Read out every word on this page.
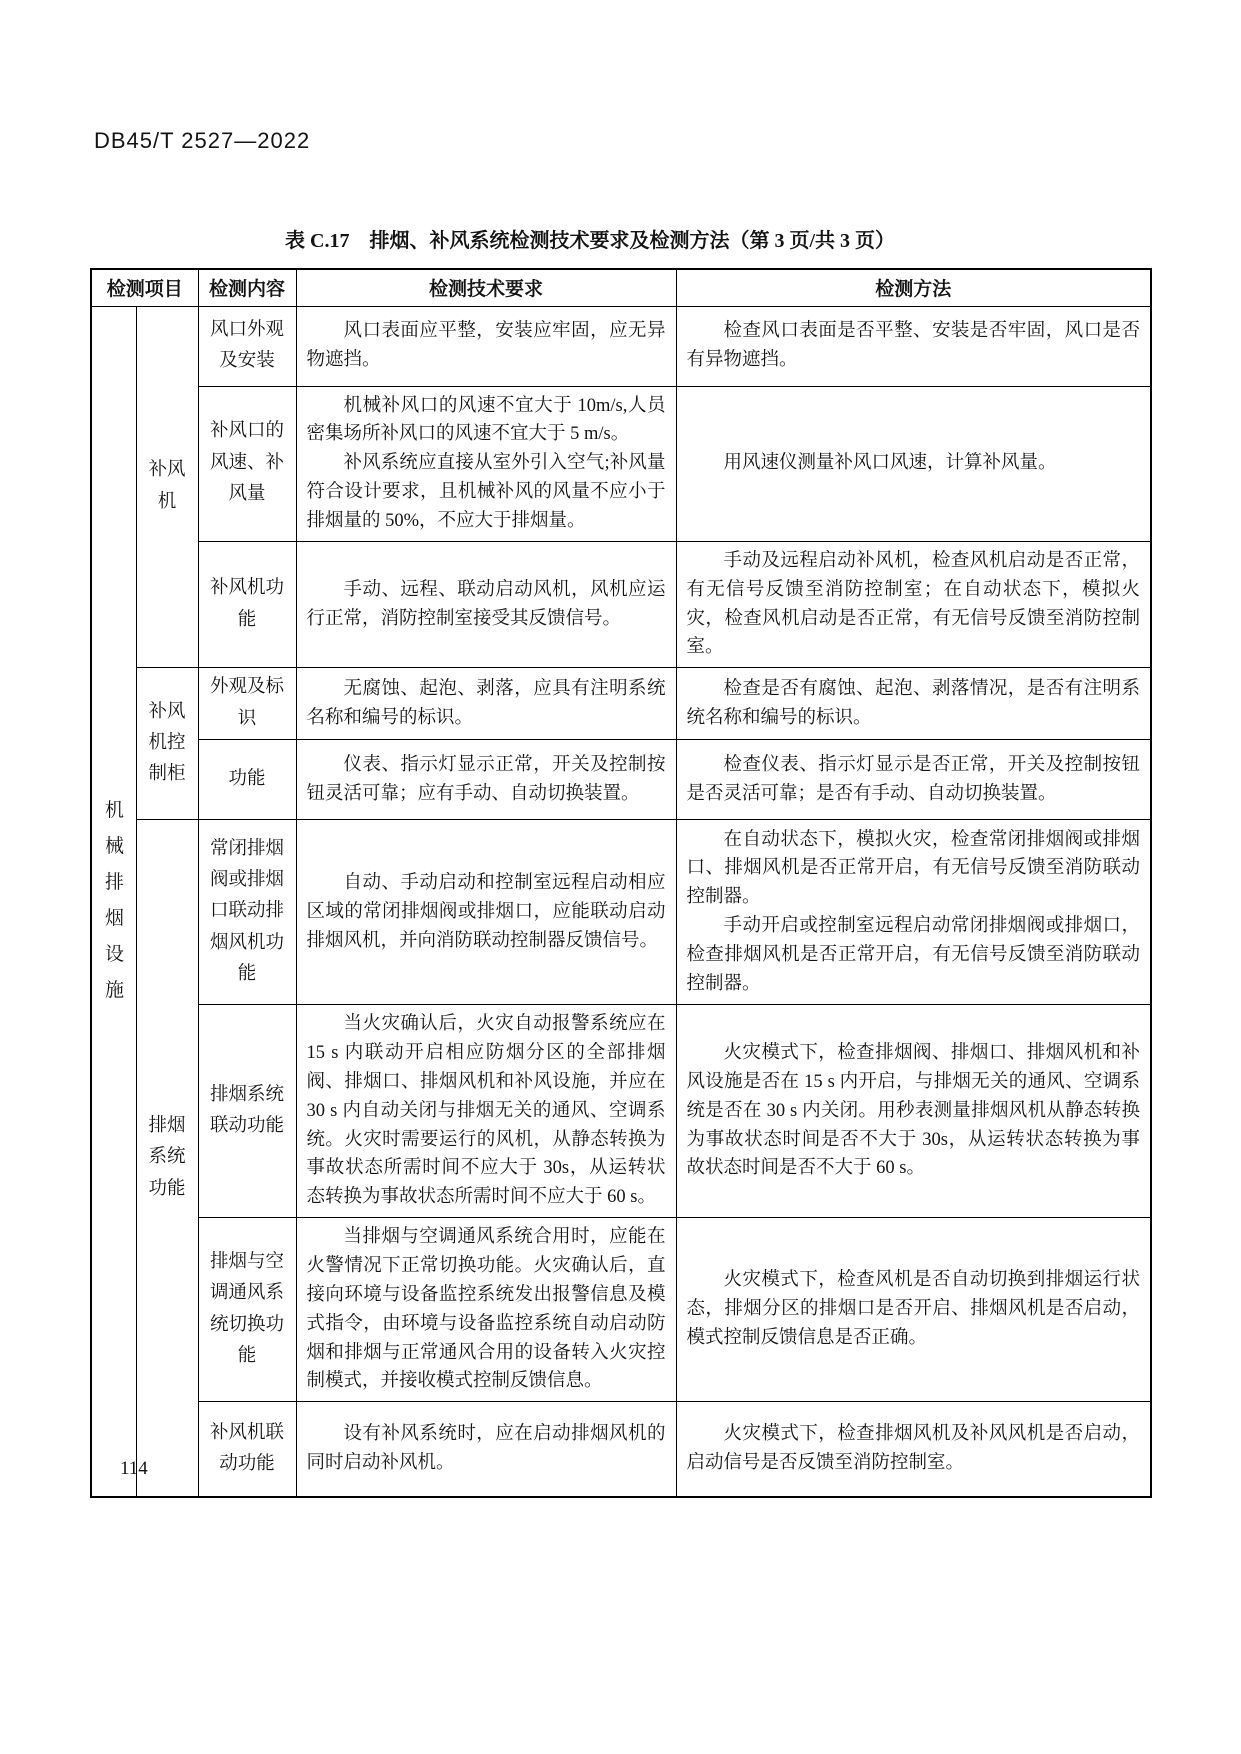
DB45/T 2527—2022
表 C.17　排烟、补风系统检测技术要求及检测方法（第 3 页/共 3 页）
检测项目		检测内容	检测技术要求	检测方法
机械排烟设施	补风机	风口外观及安装	风口表面应平整，安装应牢固，应无异物遮挡。	检查风口表面是否平整、安装是否牢固，风口是否有异物遮挡。

		补风口的风速、补风量	机械补风口的风速不宜大于 10m/s,人员密集场所补风口的风速不宜大于 5 m/s。

补风系统应直接从室外引入空气;补风量符合设计要求，且机械补风的风量不应小于排烟量的 50%，不应大于排烟量。	用风速仪测量补风口风速，计算补风量。

		补风机功能	手动、远程、联动启动风机，风机应运行正常，消防控制室接受其反馈信号。	手动及远程启动补风机，检查风机启动是否正常，有无信号反馈至消防控制室；在自动状态下，模拟火灾，检查风机启动是否正常，有无信号反馈至消防控制室。

	补风机控制柜	外观及标识	无腐蚀、起泡、剥落，应具有注明系统名称和编号的标识。	检查是否有腐蚀、起泡、剥落情况，是否有注明系统名称和编号的标识。

		功能	仪表、指示灯显示正常，开关及控制按钮灵活可靠；应有手动、自动切换装置。	检查仪表、指示灯显示是否正常，开关及控制按钮是否灵活可靠；是否有手动、自动切换装置。

	排烟系统功能	常闭排烟阀或排烟口联动排烟风机功能	自动、手动启动和控制室远程启动相应区域的常闭排烟阀或排烟口，应能联动启动排烟风机，并向消防联动控制器反馈信号。	在自动状态下，模拟火灾，检查常闭排烟阀或排烟口、排烟风机是否正常开启，有无信号反馈至消防联动控制器。

手动开启或控制室远程启动常闭排烟阀或排烟口，检查排烟风机是否正常开启，有无信号反馈至消防联动控制器。

		排烟系统联动功能	当火灾确认后，火灾自动报警系统应在 15 s 内联动开启相应防烟分区的全部排烟阀、排烟口、排烟风机和补风设施，并应在 30 s 内自动关闭与排烟无关的通风、空调系统。火灾时需要运行的风机，从静态转换为事故状态所需时间不应大于 30s，从运转状态转换为事故状态所需时间不应大于 60 s。	火灾模式下，检查排烟阀、排烟口、排烟风机和补风设施是否在 15 s 内开启，与排烟无关的通风、空调系统是否在 30 s 内关闭。用秒表测量排烟风机从静态转换为事故状态时间是否不大于 30s，从运转状态转换为事故状态时间是否不大于 60 s。

		排烟与空调通风系统切换功能	当排烟与空调通风系统合用时，应能在火警情况下正常切换功能。火灾确认后，直接向环境与设备监控系统发出报警信息及模式指令，由环境与设备监控系统自动启动防烟和排烟与正常通风合用的设备转入火灾控制模式，并接收模式控制反馈信息。	火灾模式下，检查风机是否自动切换到排烟运行状态，排烟分区的排烟口是否开启、排烟风机是否启动，模式控制反馈信息是否正确。

		补风机联动功能	设有补风系统时，应在启动排烟风机的同时启动补风机。	火灾模式下，检查排烟风机及补风风机是否启动，启动信号是否反馈至消防控制室。

114
